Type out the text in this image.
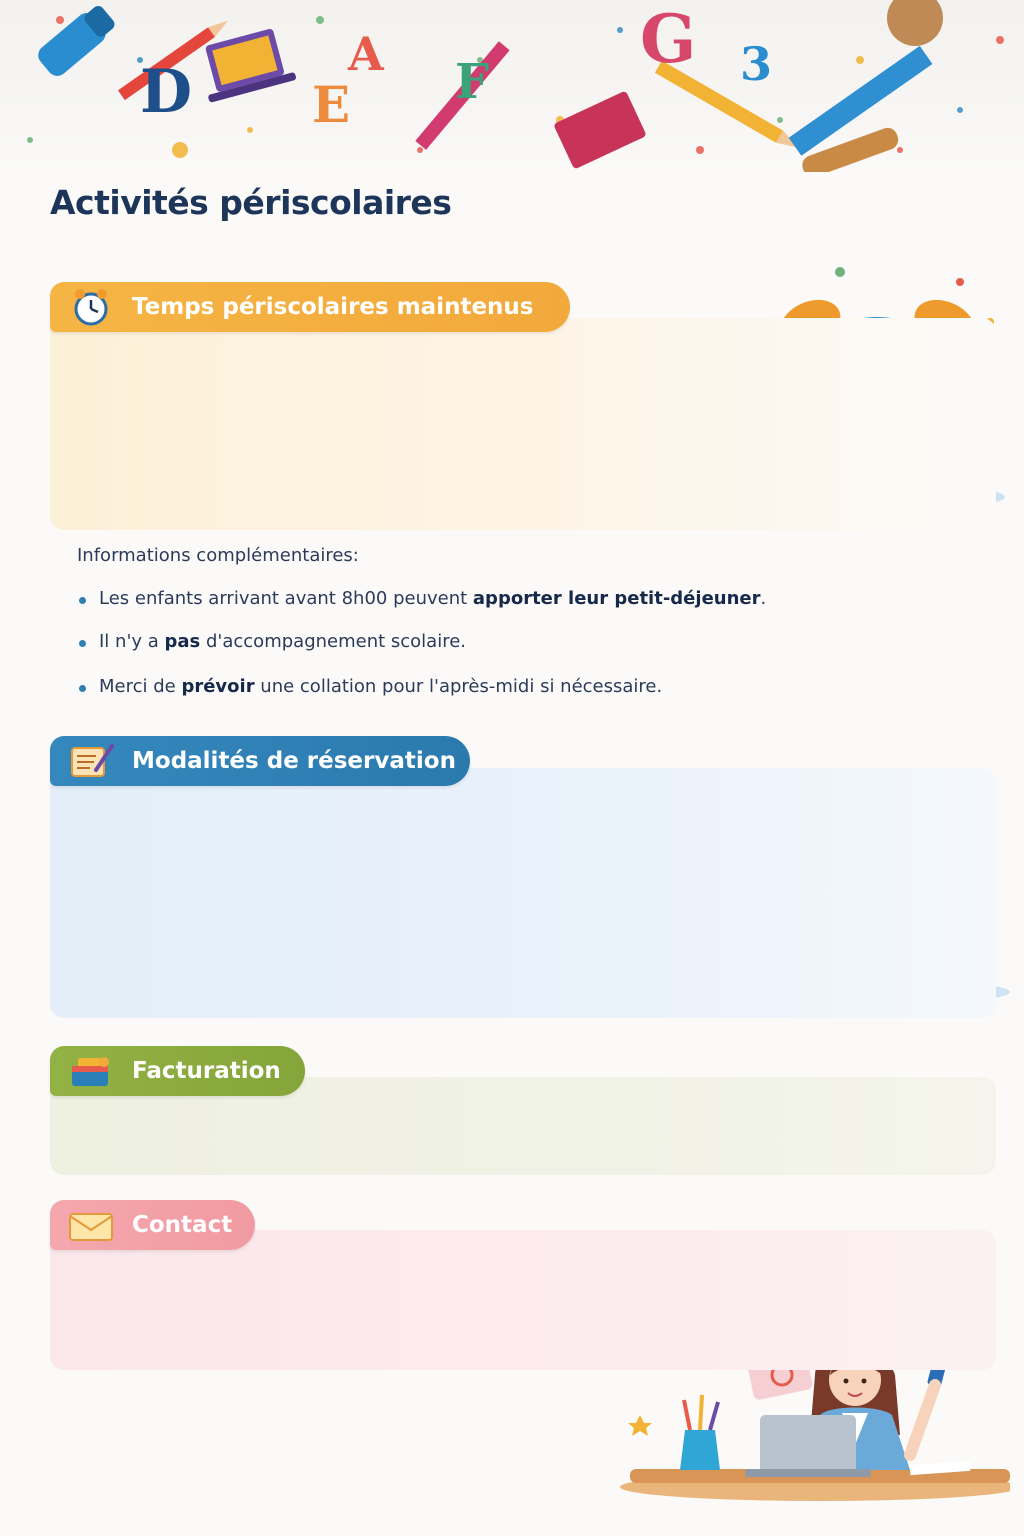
D E F
A	G 3
Activités périscolaires
Temps périscolaires maintenus
Informations complémentaires:
Les enfants arrivant avant 8h00 peuvent apporter leur petit-déjeuner.
Il n'y a pas d'accompagnement scolaire.
Merci de prévoir une collation pour l'après-midi si nécessaire.
Modalités de réservation

Facturation
Contact
